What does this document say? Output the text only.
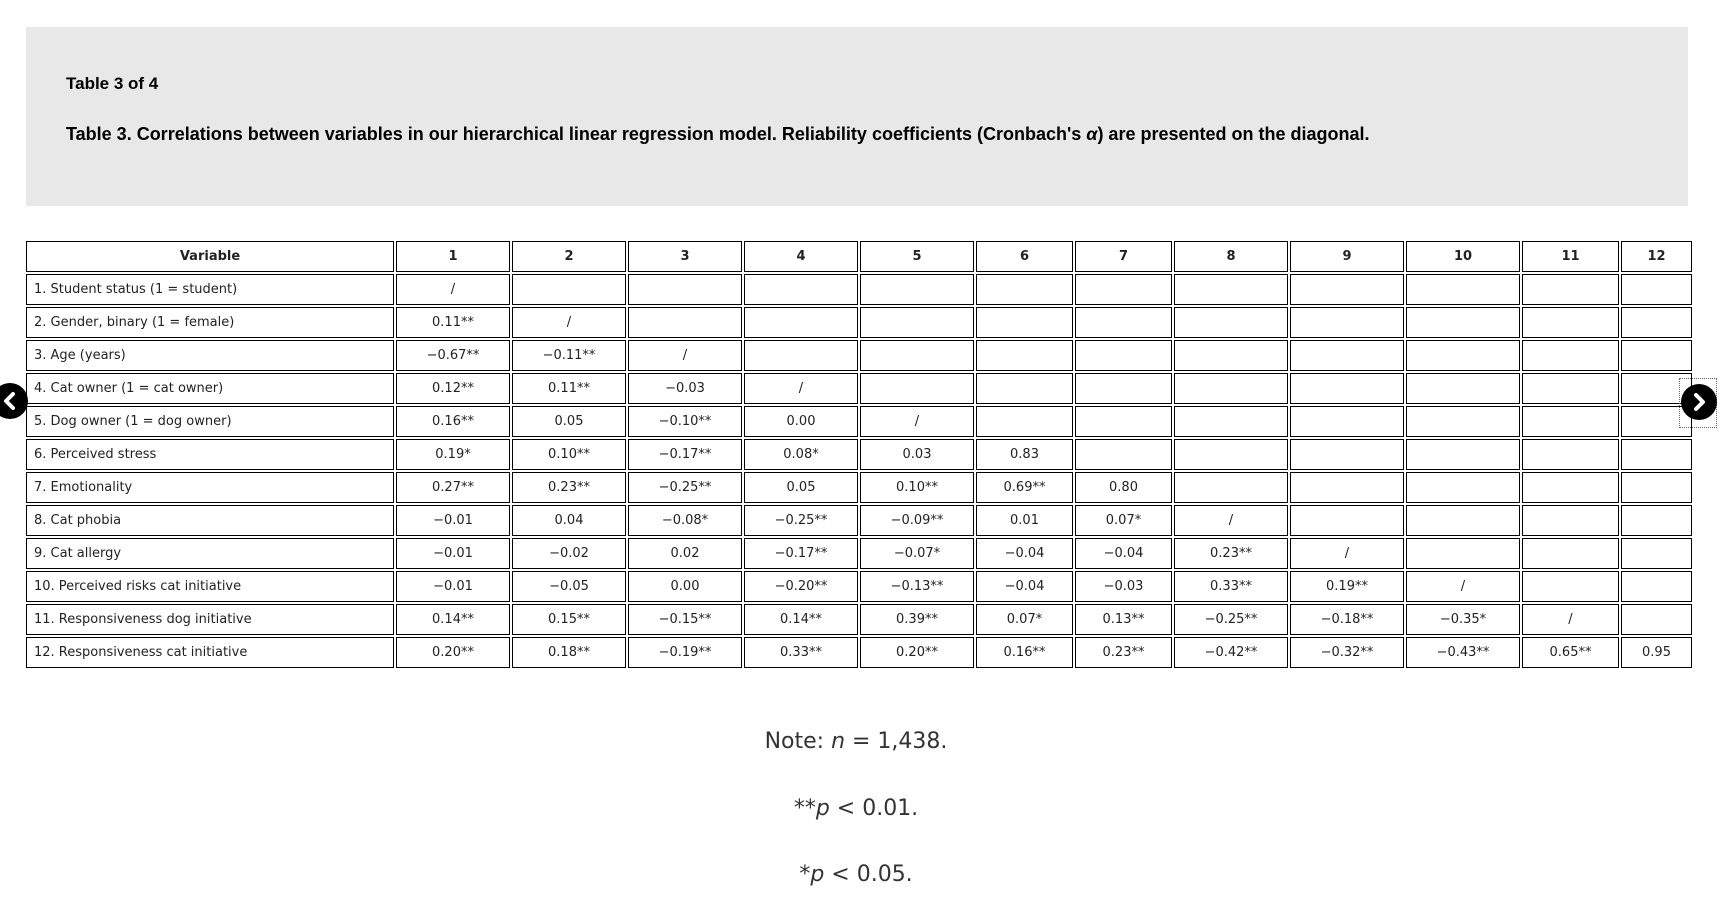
Table 3 of 4

Table 3. Correlations between variables in our hierarchical linear regression model. Reliability coefficients (Cronbach's α) are presented on the diagonal.

Variable	1	2	3	4	5	6	7	8	9	10	11	12
1. Student status (1 = student)	/											
2. Gender, binary (1 = female)	0.11**	/										
3. Age (years)	−0.67**	−0.11**	/									
4. Cat owner (1 = cat owner)	0.12**	0.11**	−0.03	/								
5. Dog owner (1 = dog owner)	0.16**	0.05	−0.10**	0.00	/							
6. Perceived stress	0.19*	0.10**	−0.17**	0.08*	0.03	0.83						
7. Emotionality	0.27**	0.23**	−0.25**	0.05	0.10**	0.69**	0.80					
8. Cat phobia	−0.01	0.04	−0.08*	−0.25**	−0.09**	0.01	0.07*	/				
9. Cat allergy	−0.01	−0.02	0.02	−0.17**	−0.07*	−0.04	−0.04	0.23**	/			
10. Perceived risks cat initiative	−0.01	−0.05	0.00	−0.20**	−0.13**	−0.04	−0.03	0.33**	0.19**	/		
11. Responsiveness dog initiative	0.14**	0.15**	−0.15**	0.14**	0.39**	0.07*	0.13**	−0.25**	−0.18**	−0.35*	/	
12. Responsiveness cat initiative	0.20**	0.18**	−0.19**	0.33**	0.20**	0.16**	0.23**	−0.42**	−0.32**	−0.43**	0.65**	0.95

Note: n = 1,438.

**p < 0.01.

*p < 0.05.
